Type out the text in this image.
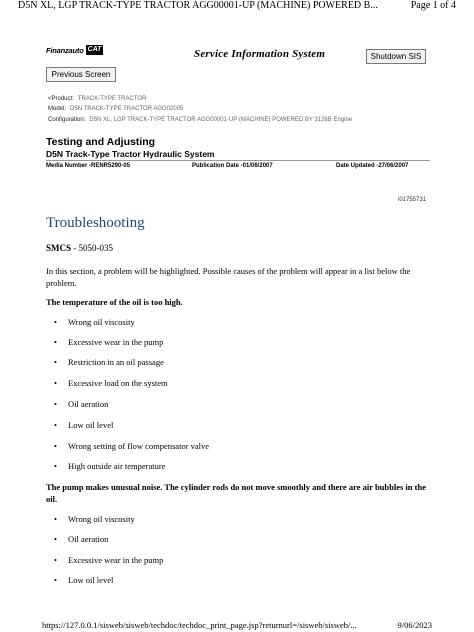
D5N XL, LGP TRACK-TYPE TRACTOR AGG00001-UP (MACHINE) POWERED B...	Page 1 of 4
Finanzauto CAT	Service Information System	Shutdown SIS
Previous Screen
<Product: TRACK-TYPE TRACTOR
Model: D5N TRACK-TYPE TRACTOR AGG02005
Configuration: D5N XL, LGP TRACK-TYPE TRACTOR AGG00001-UP (MACHINE) POWERED BY 3126B Engine
Testing and Adjusting
D5N Track-Type Tractor Hydraulic System
Media Number -RENR5290-05	Publication Date -01/06/2007	Date Updated -27/06/2007
i01755731
Troubleshooting
SMCS - 5050-035
In this section, a problem will be highlighted. Possible causes of the problem will appear in a list below the problem.
The temperature of the oil is too high.
• Wrong oil viscosity
• Excessive wear in the pump
• Restriction in an oil passage
• Excessive load on the system
• Oil aeration
• Low oil level
• Wrong setting of flow compensator valve
• High outside air temperature
The pump makes unusual noise. The cylinder rods do not move smoothly and there are air bubbles in the oil.
• Wrong oil viscosity
• Oil aeration
• Excessive wear in the pump
• Low oil level
https://127.0.0.1/sisweb/sisweb/techdoc/techdoc_print_page.jsp?returnurl=/sisweb/sisweb/...	9/06/2023
